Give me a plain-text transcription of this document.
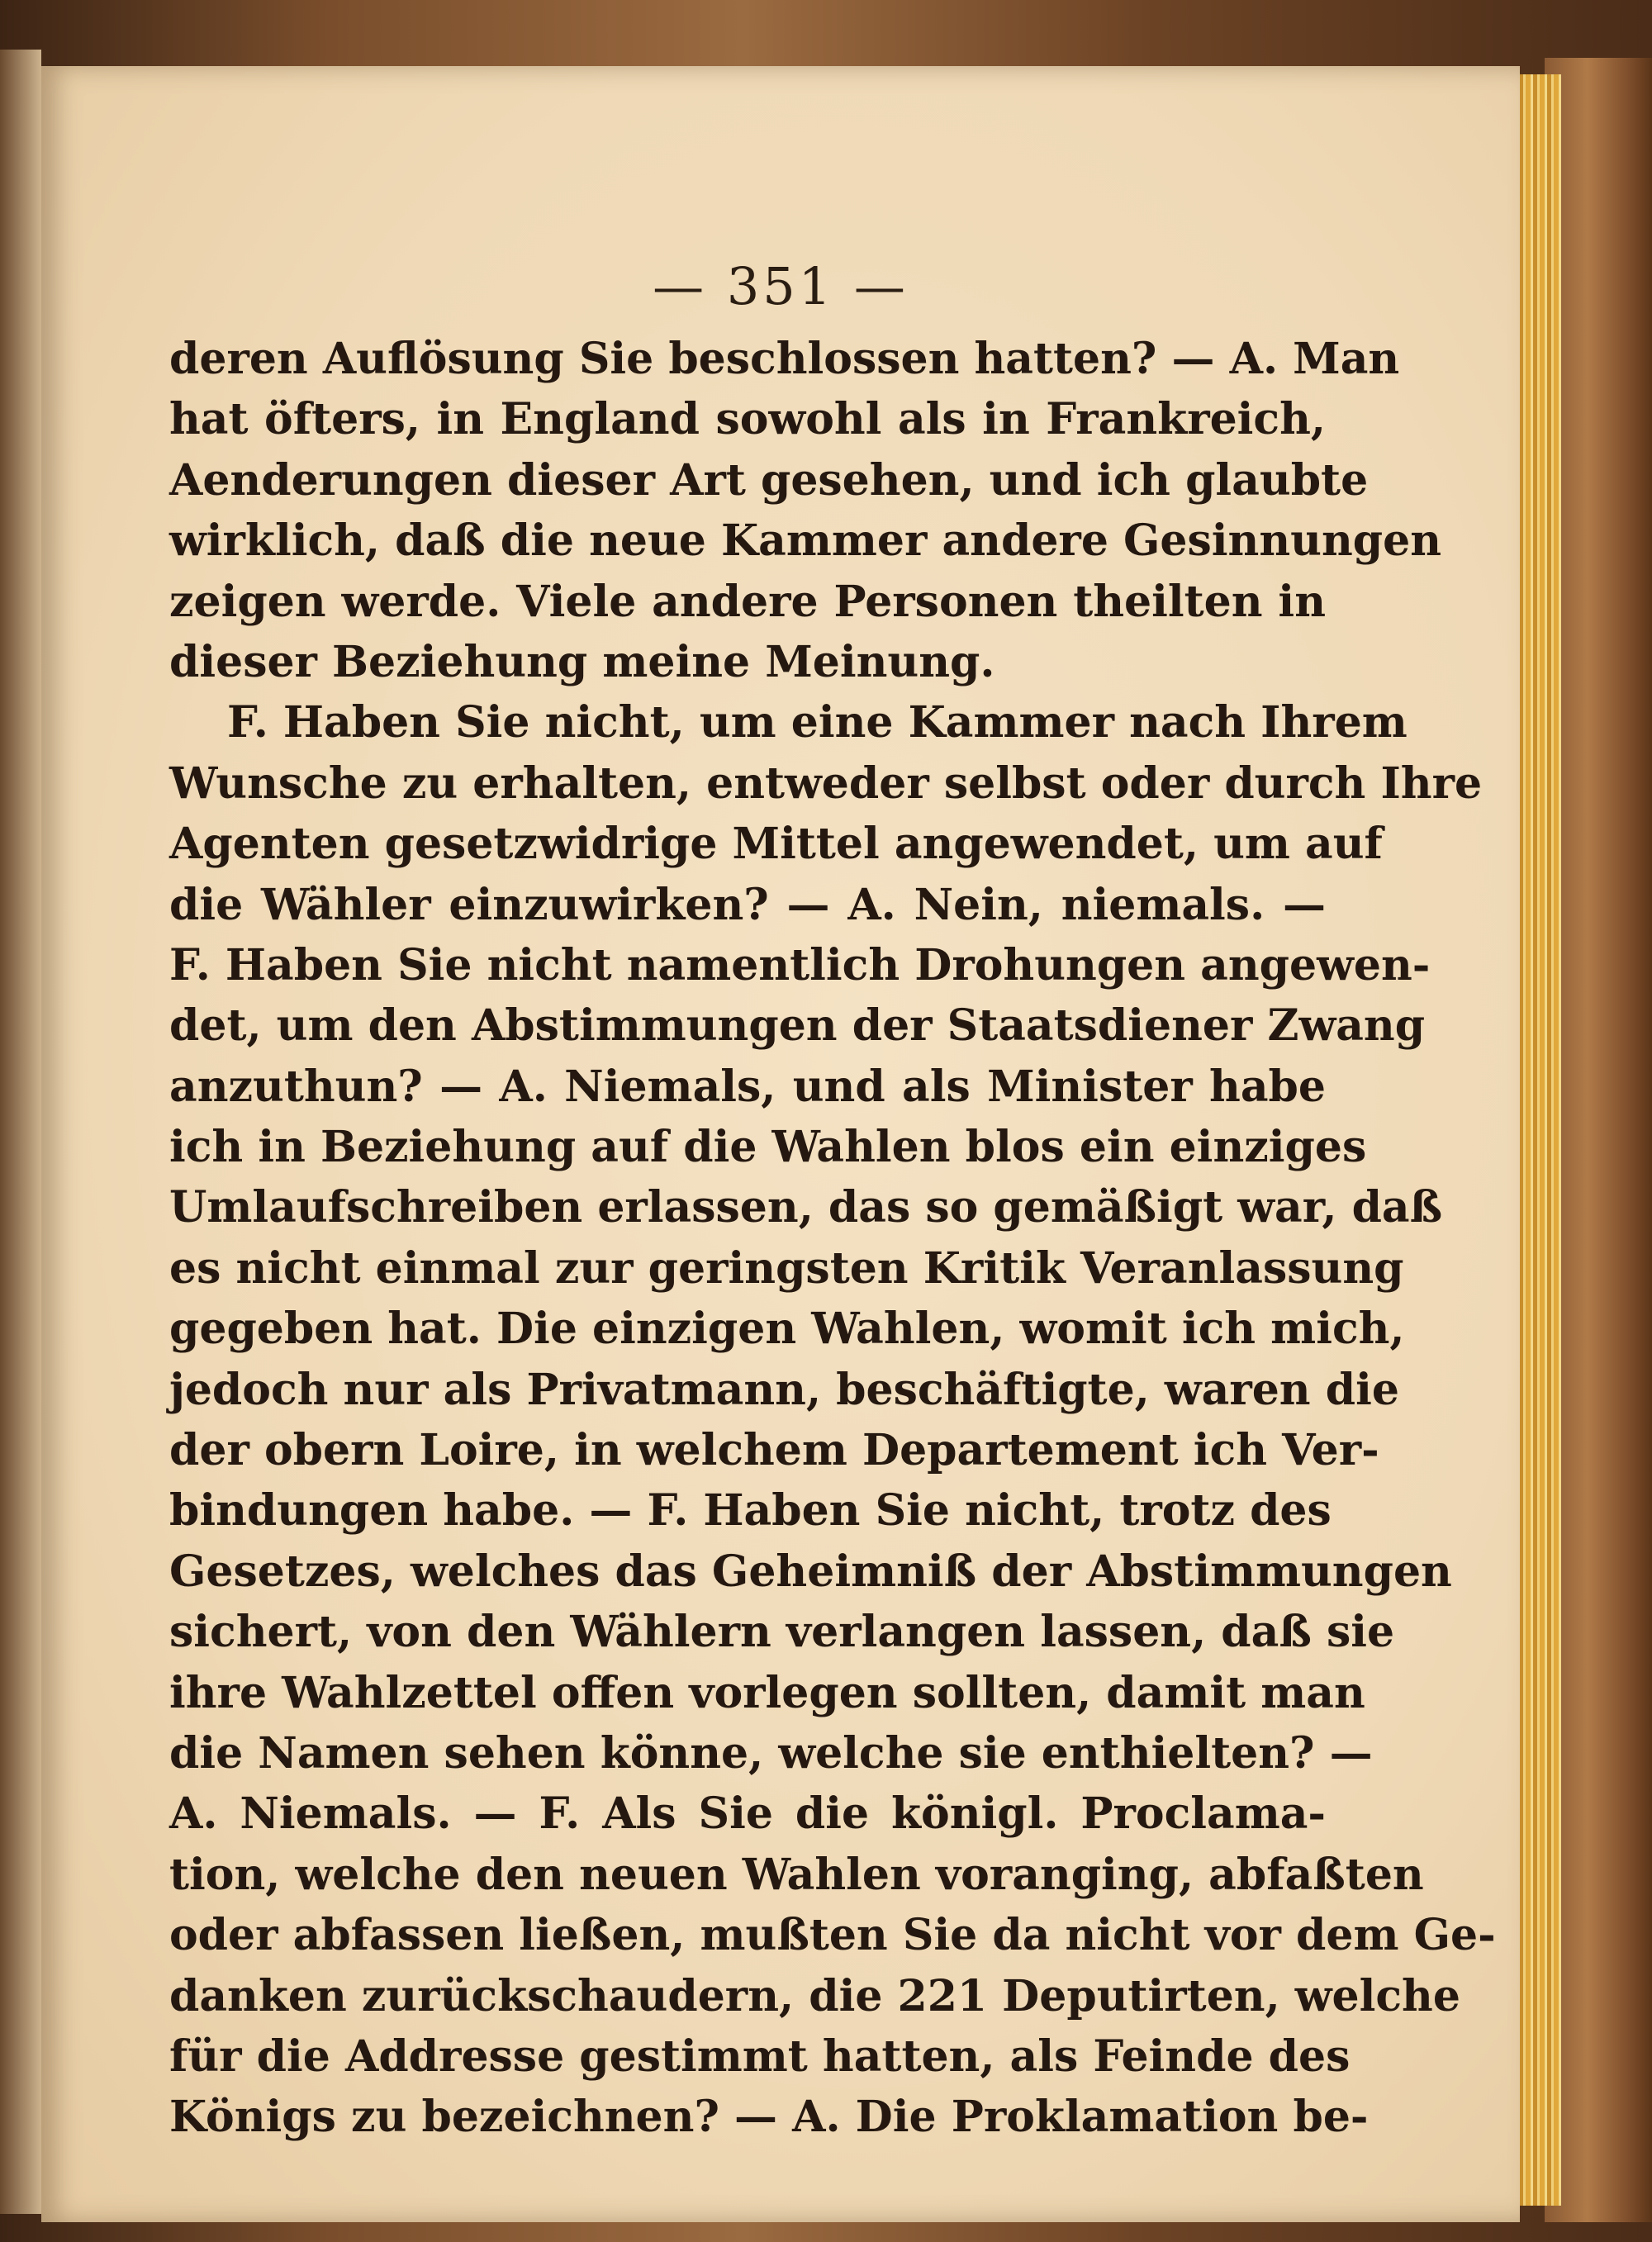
— 351 —
deren Auflösung Sie beschlossen hatten? — A. Man
hat öfters, in England sowohl als in Frankreich,
Aenderungen dieser Art gesehen, und ich glaubte
wirklich, daß die neue Kammer andere Gesinnungen
zeigen werde. Viele andere Personen theilten in
dieser Beziehung meine Meinung.
F. Haben Sie nicht, um eine Kammer nach Ihrem
Wunsche zu erhalten, entweder selbst oder durch Ihre
Agenten gesetzwidrige Mittel angewendet, um auf
die Wähler einzuwirken? — A. Nein, niemals. —
F. Haben Sie nicht namentlich Drohungen angewen-
det, um den Abstimmungen der Staatsdiener Zwang
anzuthun? — A. Niemals, und als Minister habe
ich in Beziehung auf die Wahlen blos ein einziges
Umlaufschreiben erlassen, das so gemäßigt war, daß
es nicht einmal zur geringsten Kritik Veranlassung
gegeben hat. Die einzigen Wahlen, womit ich mich,
jedoch nur als Privatmann, beschäftigte, waren die
der obern Loire, in welchem Departement ich Ver-
bindungen habe. — F. Haben Sie nicht, trotz des
Gesetzes, welches das Geheimniß der Abstimmungen
sichert, von den Wählern verlangen lassen, daß sie
ihre Wahlzettel offen vorlegen sollten, damit man
die Namen sehen könne, welche sie enthielten? —
A. Niemals. — F. Als Sie die königl. Proclama-
tion, welche den neuen Wahlen voranging, abfaßten
oder abfassen ließen, mußten Sie da nicht vor dem Ge-
danken zurückschaudern, die 221 Deputirten, welche
für die Addresse gestimmt hatten, als Feinde des
Königs zu bezeichnen? — A. Die Proklamation be-
